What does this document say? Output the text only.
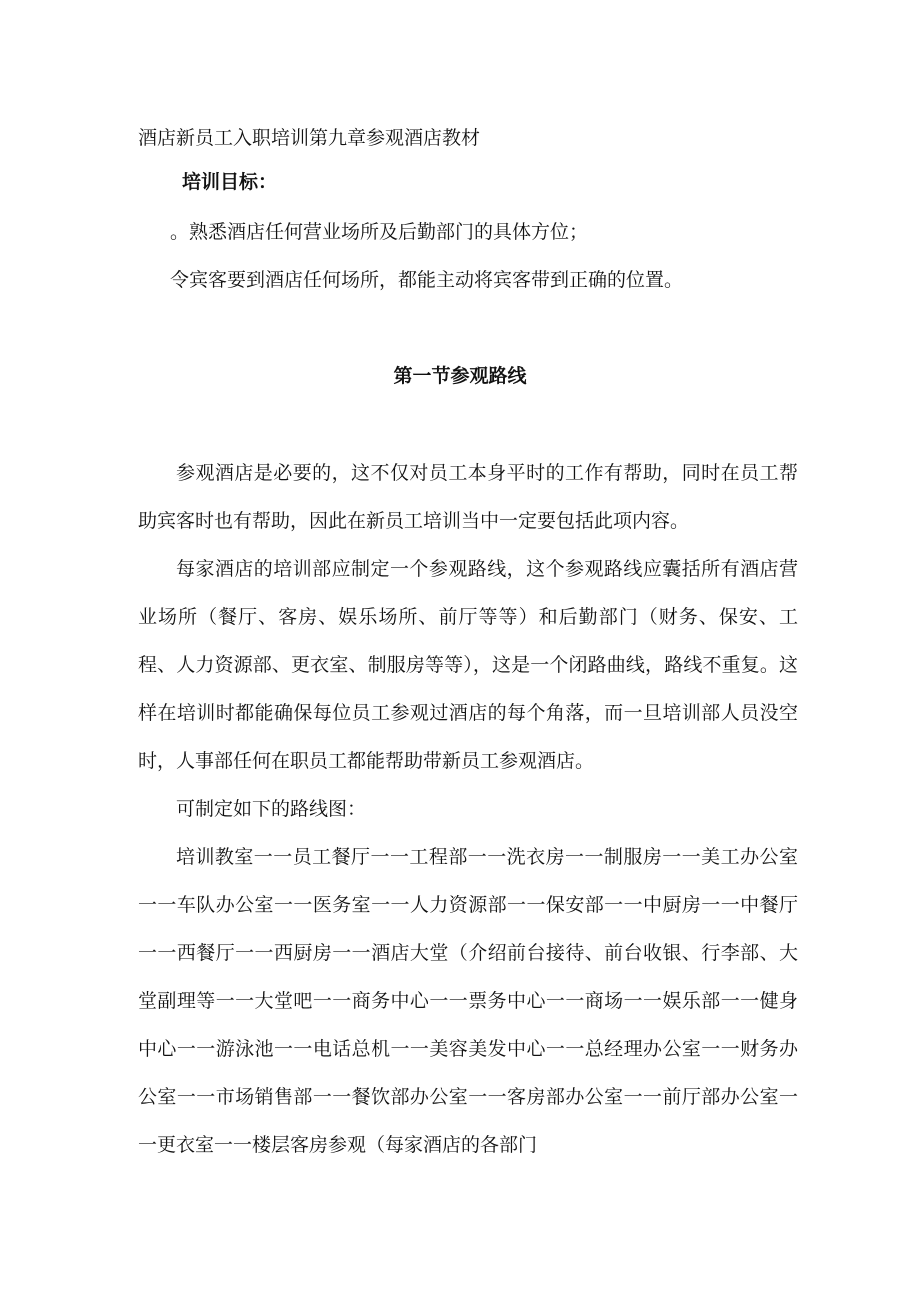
酒店新员工入职培训第九章参观酒店教材
培训目标：
。熟悉酒店任何营业场所及后勤部门的具体方位；
令宾客要到酒店任何场所，都能主动将宾客带到正确的位置。
第一节参观路线

参观酒店是必要的，这不仅对员工本身平时的工作有帮助，同时在员工帮助宾客时也有帮助，因此在新员工培训当中一定要包括此项内容。

每家酒店的培训部应制定一个参观路线，这个参观路线应囊括所有酒店营业场所（餐厅、客房、娱乐场所、前厅等等）和后勤部门（财务、保安、工程、人力资源部、更衣室、制服房等等），这是一个闭路曲线，路线不重复。这样在培训时都能确保每位员工参观过酒店的每个角落，而一旦培训部人员没空时，人事部任何在职员工都能帮助带新员工参观酒店。

可制定如下的路线图：

培训教室一一员工餐厅一一工程部一一洗衣房一一制服房一一美工办公室一一车队办公室一一医务室一一人力资源部一一保安部一一中厨房一一中餐厅一一西餐厅一一西厨房一一酒店大堂（介绍前台接待、前台收银、行李部、大堂副理等一一大堂吧一一商务中心一一票务中心一一商场一一娱乐部一一健身中心一一游泳池一一电话总机一一美容美发中心一一总经理办公室一一财务办公室一一市场销售部一一餐饮部办公室一一客房部办公室一一前厅部办公室一一更衣室一一楼层客房参观（每家酒店的各部门
